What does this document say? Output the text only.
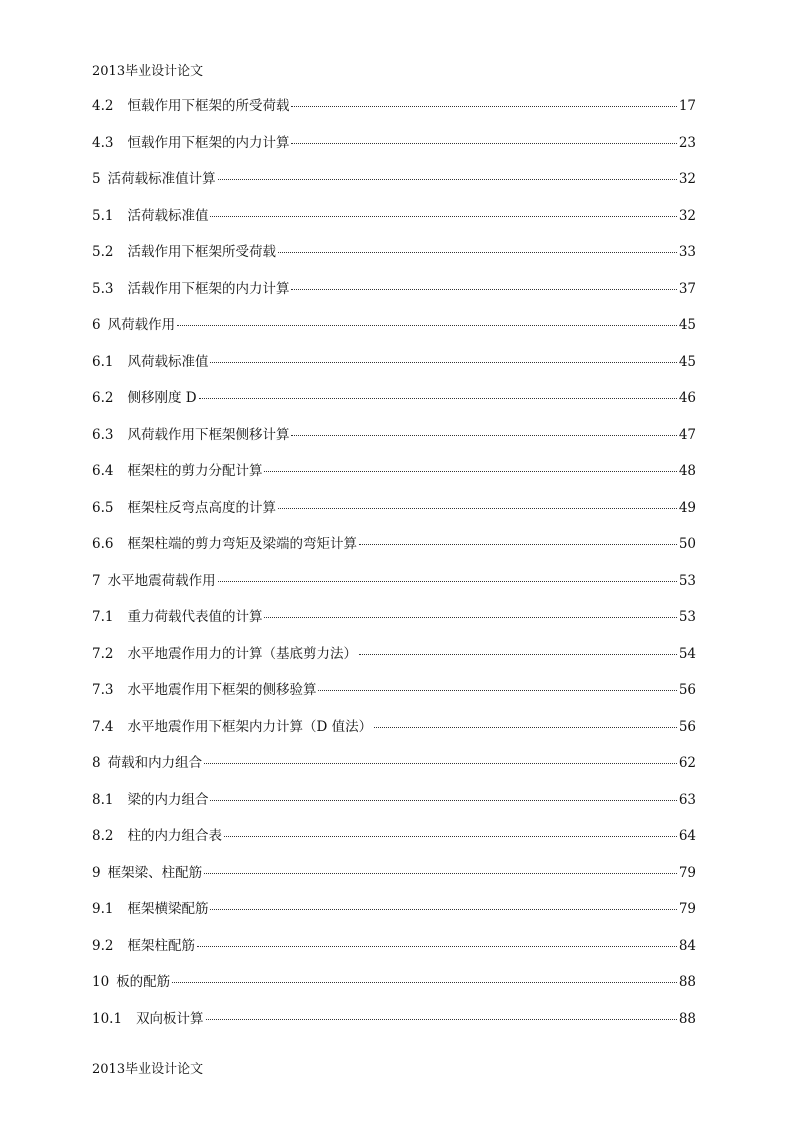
2013毕业设计论文
4.2 恒载作用下框架的所受荷载	17
4.3 恒载作用下框架的内力计算	23
5 活荷载标准值计算	32
5.1 活荷载标准值	32
5.2 活载作用下框架所受荷载	33
5.3 活载作用下框架的内力计算	37
6 风荷载作用	45
6.1 风荷载标准值	45
6.2 侧移刚度 D	46
6.3 风荷载作用下框架侧移计算	47
6.4 框架柱的剪力分配计算	48
6.5 框架柱反弯点高度的计算	49
6.6 框架柱端的剪力弯矩及梁端的弯矩计算	50
7 水平地震荷载作用	53
7.1 重力荷载代表值的计算	53
7.2 水平地震作用力的计算（基底剪力法）	54
7.3 水平地震作用下框架的侧移验算	56
7.4 水平地震作用下框架内力计算（D 值法）	56
8 荷载和内力组合	62
8.1 梁的内力组合	63
8.2 柱的内力组合表	64
9 框架梁、柱配筋	79
9.1 框架横梁配筋	79
9.2 框架柱配筋	84
10 板的配筋	88
10.1 双向板计算	88
2013毕业设计论文
